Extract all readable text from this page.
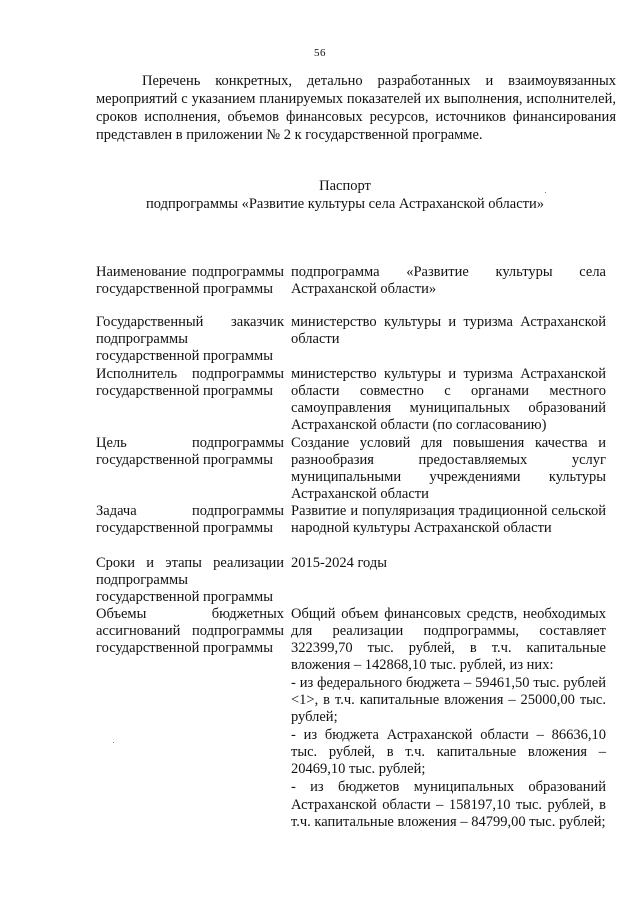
56

Перечень конкретных, детально разработанных и взаимоувязанных мероприятий с указанием планируемых показателей их выполнения, исполнителей, сроков исполнения, объемов финансовых ресурсов, источников финансирования представлен в приложении № 2 к государственной программе.

Паспорт
подпрограммы «Развитие культуры села Астраханской области»
Наименование подпрограммы государственной программы	подпрограмма «Развитие культуры села Астраханской области»
Государственный заказчик подпрограммы государственной программы	министерство культуры и туризма Астраханской области
Исполнитель подпрограммы государственной программы	министерство культуры и туризма Астраханской области совместно с органами местного самоуправления муниципальных образований Астраханской области (по согласованию)
Цель подпрограммы государственной программы	Создание условий для повышения качества и разнообразия предоставляемых услуг муниципальными учреждениями культуры Астраханской области
Задача подпрограммы государственной программы	Развитие и популяризация традиционной сельской народной культуры Астраханской области
Сроки и этапы реализации подпрограммы государственной программы	2015-2024 годы
Объемы бюджетных ассигнований подпрограммы государственной программы	Общий объем финансовых средств, необходимых для реализации подпрограммы, составляет 322399,70 тыс. рублей, в т.ч. капитальные вложения – 142868,10 тыс. рублей, из них:

- из федерального бюджета – 59461,50 тыс. рублей <1>, в т.ч. капитальные вложения – 25000,00 тыс. рублей;

- из бюджета Астраханской области – 86636,10 тыс. рублей, в т.ч. капитальные вложения – 20469,10 тыс. рублей;

- из бюджетов муниципальных образований Астраханской области – 158197,10 тыс. рублей, в т.ч. капитальные вложения – 84799,00 тыс. рублей;
